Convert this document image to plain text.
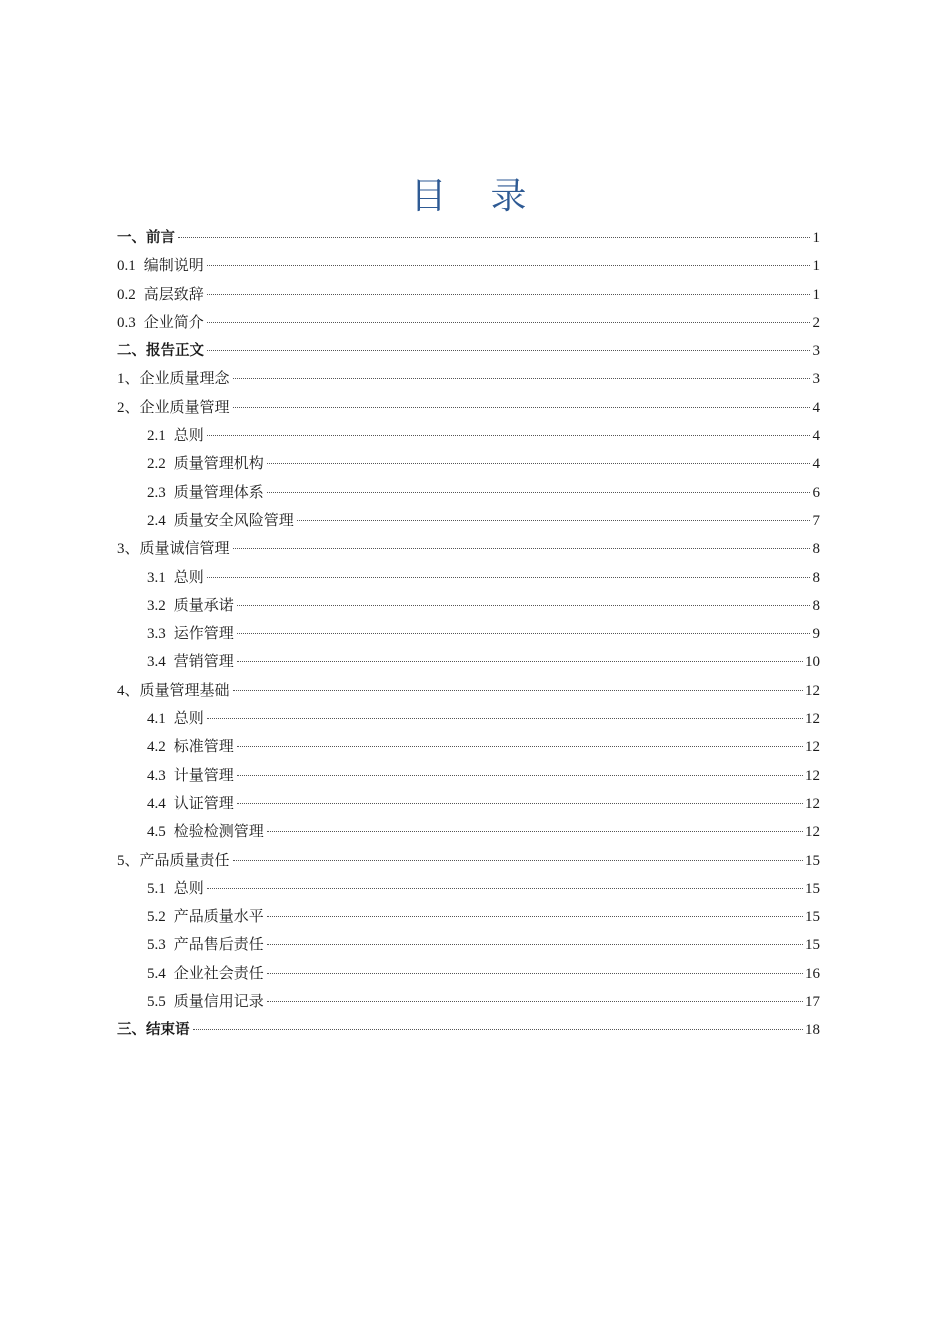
目 录
一、前言	1
0.1 编制说明	1
0.2 高层致辞	1
0.3 企业简介	2
二、报告正文	3
1、企业质量理念	3
2、企业质量管理	4
2.1 总则	4
2.2 质量管理机构	4
2.3 质量管理体系	6
2.4 质量安全风险管理	7
3、质量诚信管理	8
3.1 总则	8
3.2 质量承诺	8
3.3 运作管理	9
3.4 营销管理	10
4、质量管理基础	12
4.1 总则	12
4.2 标准管理	12
4.3 计量管理	12
4.4 认证管理	12
4.5 检验检测管理	12
5、产品质量责任	15
5.1 总则	15
5.2 产品质量水平	15
5.3 产品售后责任	15
5.4 企业社会责任	16
5.5 质量信用记录	17
三、结束语	18
